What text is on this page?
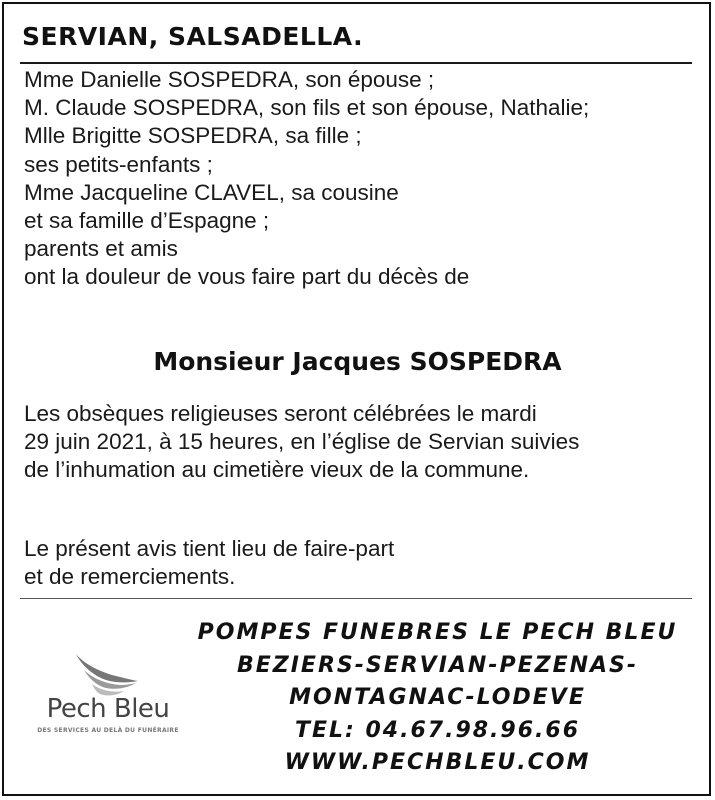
SERVIAN, SALSADELLA.
Mme Danielle SOSPEDRA, son épouse ;
M. Claude SOSPEDRA, son fils et son épouse, Nathalie;
Mlle Brigitte SOSPEDRA, sa fille ;
ses petits-enfants ;
Mme Jacqueline CLAVEL, sa cousine
et sa famille d’Espagne ;
parents et amis
ont la douleur de vous faire part du décès de
Monsieur Jacques SOSPEDRA

Les obsèques religieuses seront célébrées le mardi
29 juin 2021, à 15 heures, en l’église de Servian suivies
de l’inhumation au cimetière vieux de la commune.

Le présent avis tient lieu de faire-part
et de remerciements.

Pech Bleu
DES SERVICES AU DELÀ DU FUNÉRAIRE
POMPES FUNEBRES LE PECH BLEU
BEZIERS-SERVIAN-PEZENAS-
MONTAGNAC-LODEVE
TEL: 04.67.98.96.66
WWW.PECHBLEU.COM
